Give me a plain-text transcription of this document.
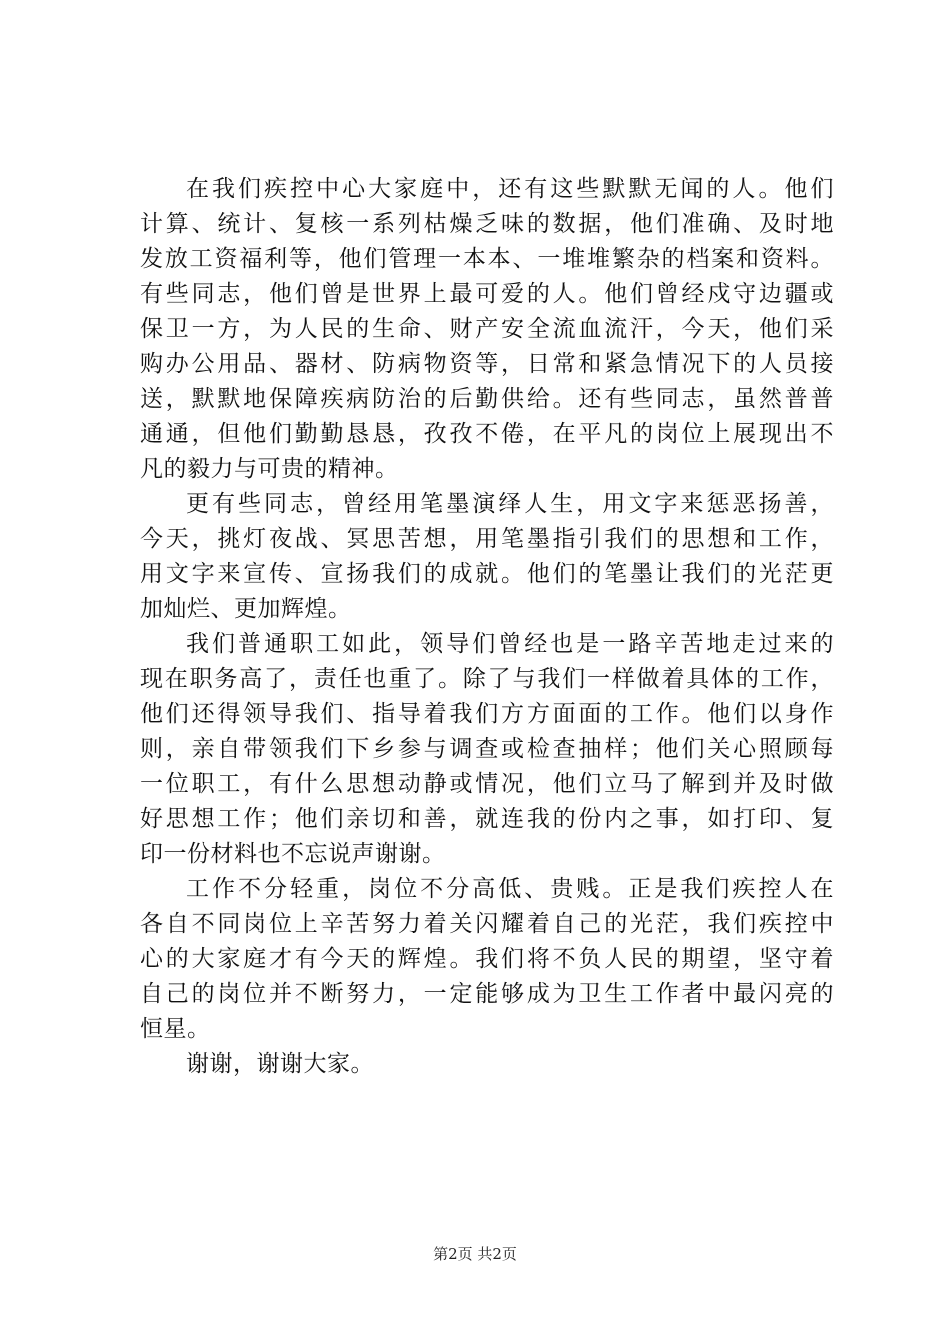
在我们疾控中心大家庭中，还有这些默默无闻的人。他们
计算、统计、复核一系列枯燥乏味的数据，他们准确、及时地
发放工资福利等，他们管理一本本、一堆堆繁杂的档案和资料。
有些同志，他们曾是世界上最可爱的人。他们曾经戍守边疆或
保卫一方，为人民的生命、财产安全流血流汗，今天，他们采
购办公用品、器材、防病物资等，日常和紧急情况下的人员接
送，默默地保障疾病防治的后勤供给。还有些同志，虽然普普
通通，但他们勤勤恳恳，孜孜不倦，在平凡的岗位上展现出不
凡的毅力与可贵的精神。
更有些同志，曾经用笔墨演绎人生，用文字来惩恶扬善，
今天，挑灯夜战、冥思苦想，用笔墨指引我们的思想和工作，
用文字来宣传、宣扬我们的成就。他们的笔墨让我们的光茫更
加灿烂、更加辉煌。
我们普通职工如此，领导们曾经也是一路辛苦地走过来的
现在职务高了，责任也重了。除了与我们一样做着具体的工作，
他们还得领导我们、指导着我们方方面面的工作。他们以身作
则，亲自带领我们下乡参与调查或检查抽样；他们关心照顾每
一位职工，有什么思想动静或情况，他们立马了解到并及时做
好思想工作；他们亲切和善，就连我的份内之事，如打印、复
印一份材料也不忘说声谢谢。
工作不分轻重，岗位不分高低、贵贱。正是我们疾控人在
各自不同岗位上辛苦努力着关闪耀着自己的光茫，我们疾控中
心的大家庭才有今天的辉煌。我们将不负人民的期望，坚守着
自己的岗位并不断努力，一定能够成为卫生工作者中最闪亮的
恒星。
谢谢，谢谢大家。
第2页 共2页
